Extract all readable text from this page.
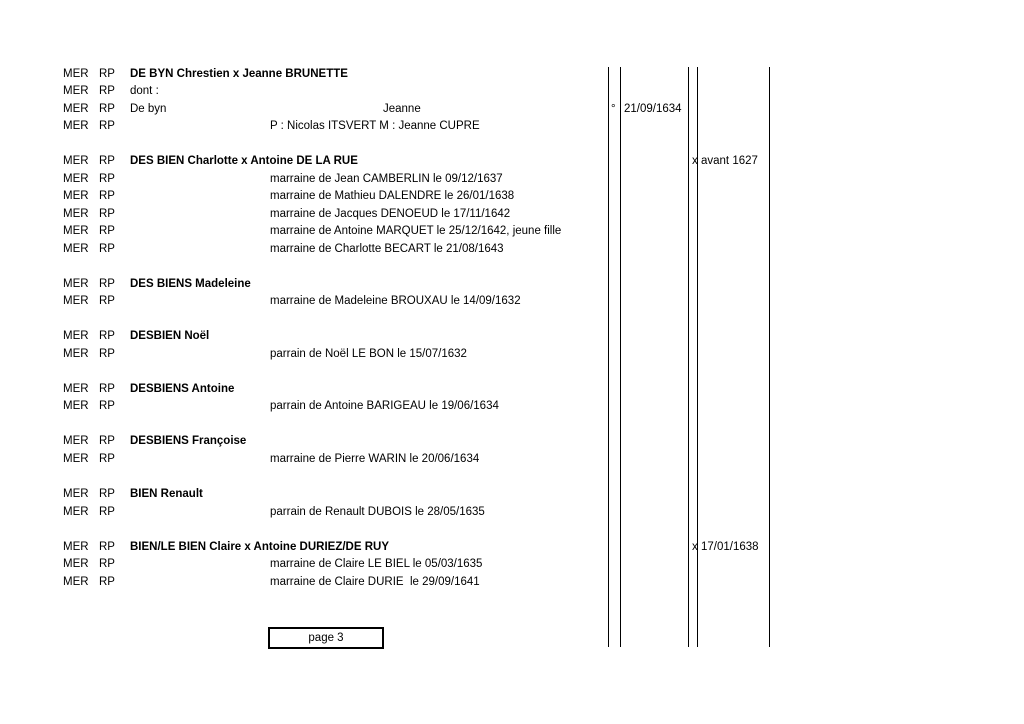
MER RP DE BYN Chrestien x Jeanne BRUNETTE
MER RP dont :
MER RP De byn	Jeanne	° 21/09/1634
MER RP	P : Nicolas ITSVERT M : Jeanne CUPRE
MER RP DES BIEN Charlotte x Antoine DE LA RUE	x avant 1627
MER RP	marraine de Jean CAMBERLIN le 09/12/1637
MER RP	marraine de Mathieu DALENDRE le 26/01/1638
MER RP	marraine de Jacques DENOEUD le 17/11/1642
MER RP	marraine de Antoine MARQUET le 25/12/1642, jeune fille
MER RP	marraine de Charlotte BECART le 21/08/1643
MER RP DES BIENS Madeleine
MER RP	marraine de Madeleine BROUXAU le 14/09/1632
MER RP DESBIEN Noël
MER RP	parrain de Noël LE BON le 15/07/1632
MER RP DESBIENS Antoine
MER RP	parrain de Antoine BARIGEAU le 19/06/1634
MER RP DESBIENS Françoise
MER RP	marraine de Pierre WARIN le 20/06/1634
MER RP BIEN Renault
MER RP	parrain de Renault DUBOIS le 28/05/1635
MER RP BIEN/LE BIEN Claire x Antoine DURIEZ/DE RUY	x 17/01/1638
MER RP	marraine de Claire LE BIEL le 05/03/1635
MER RP	marraine de Claire DURIE  le 29/09/1641
page 3
